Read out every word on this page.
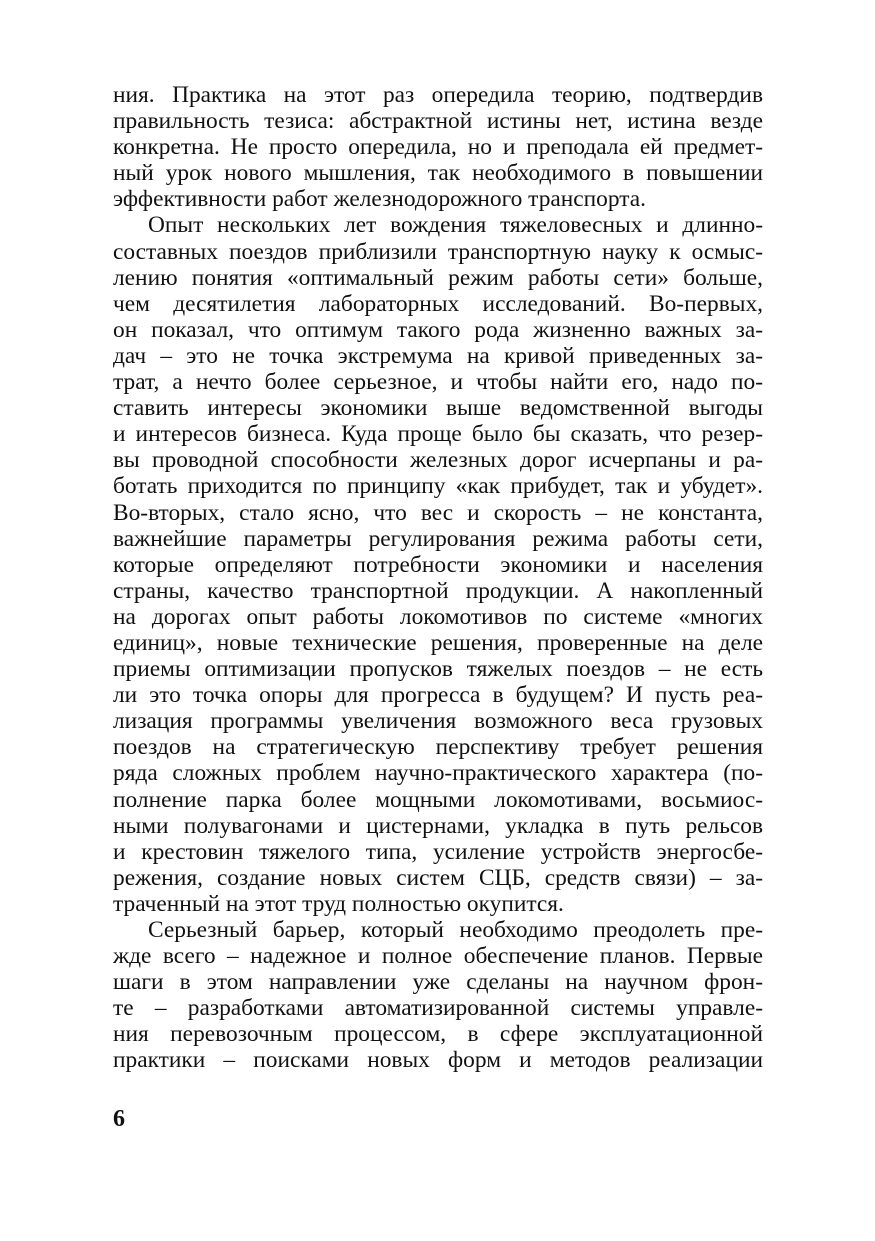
ния. Практика на этот раз опередила теорию, подтвердив
правильность тезиса: абстрактной истины нет, истина везде
конкретна. Не просто опередила, но и преподала ей предмет-
ный урок нового мышления, так необходимого в повышении
эффективности работ железнодорожного транспорта.
Опыт нескольких лет вождения тяжеловесных и длинно-
составных поездов приблизили транспортную науку к осмыс-
лению понятия «оптимальный режим работы сети» больше,
чем десятилетия лабораторных исследований. Во-первых,
он показал, что оптимум такого рода жизненно важных за-
дач – это не точка экстремума на кривой приведенных за-
трат, а нечто более серьезное, и чтобы найти его, надо по-
ставить интересы экономики выше ведомственной выгоды
и интересов бизнеса. Куда проще было бы сказать, что резер-
вы проводной способности железных дорог исчерпаны и ра-
ботать приходится по принципу «как прибудет, так и убудет».
Во-вторых, стало ясно, что вес и скорость – не константа,
важнейшие параметры регулирования режима работы сети,
которые определяют потребности экономики и населения
страны, качество транспортной продукции. А накопленный
на дорогах опыт работы локомотивов по системе «многих
единиц», новые технические решения, проверенные на деле
приемы оптимизации пропусков тяжелых поездов – не есть
ли это точка опоры для прогресса в будущем? И пусть реа-
лизация программы увеличения возможного веса грузовых
поездов на стратегическую перспективу требует решения
ряда сложных проблем научно-практического характера (по-
полнение парка более мощными локомотивами, восьмиос-
ными полувагонами и цистернами, укладка в путь рельсов
и крестовин тяжелого типа, усиление устройств энергосбе-
режения, создание новых систем СЦБ, средств связи) – за-
траченный на этот труд полностью окупится.
Серьезный барьер, который необходимо преодолеть пре-
жде всего – надежное и полное обеспечение планов. Первые
шаги в этом направлении уже сделаны на научном фрон-
те – разработками автоматизированной системы управле-
ния перевозочным процессом, в сфере эксплуатационной
практики – поисками новых форм и методов реализации
6
